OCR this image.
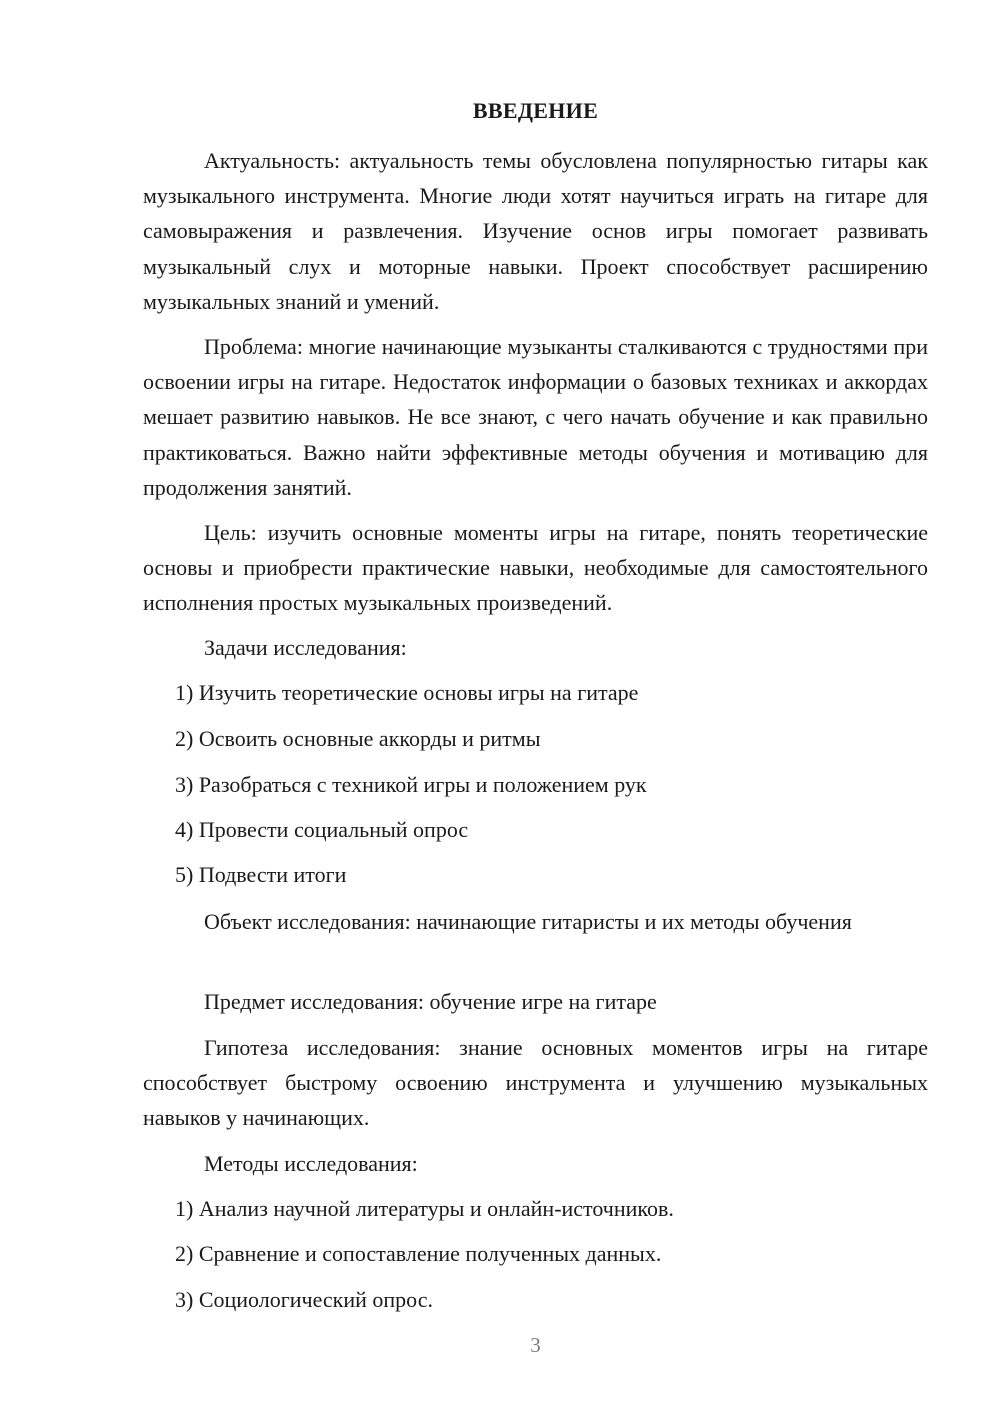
ВВЕДЕНИЕ

Актуальность: актуальность темы обусловлена популярностью гитары как музыкального инструмента. Многие люди хотят научиться играть на гитаре для самовыражения и развлечения. Изучение основ игры помогает развивать музыкальный слух и моторные навыки. Проект способствует расширению музыкальных знаний и умений.

Проблема: многие начинающие музыканты сталкиваются с трудностями при освоении игры на гитаре. Недостаток информации о базовых техниках и аккордах мешает развитию навыков. Не все знают, с чего начать обучение и как правильно практиковаться. Важно найти эффективные методы обучения и мотивацию для продолжения занятий.

Цель: изучить основные моменты игры на гитаре, понять теоретические основы и приобрести практические навыки, необходимые для самостоятельного исполнения простых музыкальных произведений.

Задачи исследования:

1) Изучить теоретические основы игры на гитаре

2) Освоить основные аккорды и ритмы

3) Разобраться с техникой игры и положением рук

4) Провести социальный опрос

5) Подвести итоги

Объект исследования: начинающие гитаристы и их методы обучения

Предмет исследования: обучение игре на гитаре

Гипотеза исследования: знание основных моментов игры на гитаре способствует быстрому освоению инструмента и улучшению музыкальных навыков у начинающих.

Методы исследования:

1) Анализ научной литературы и онлайн-источников.

2) Сравнение и сопоставление полученных данных.

3) Социологический опрос.

3
